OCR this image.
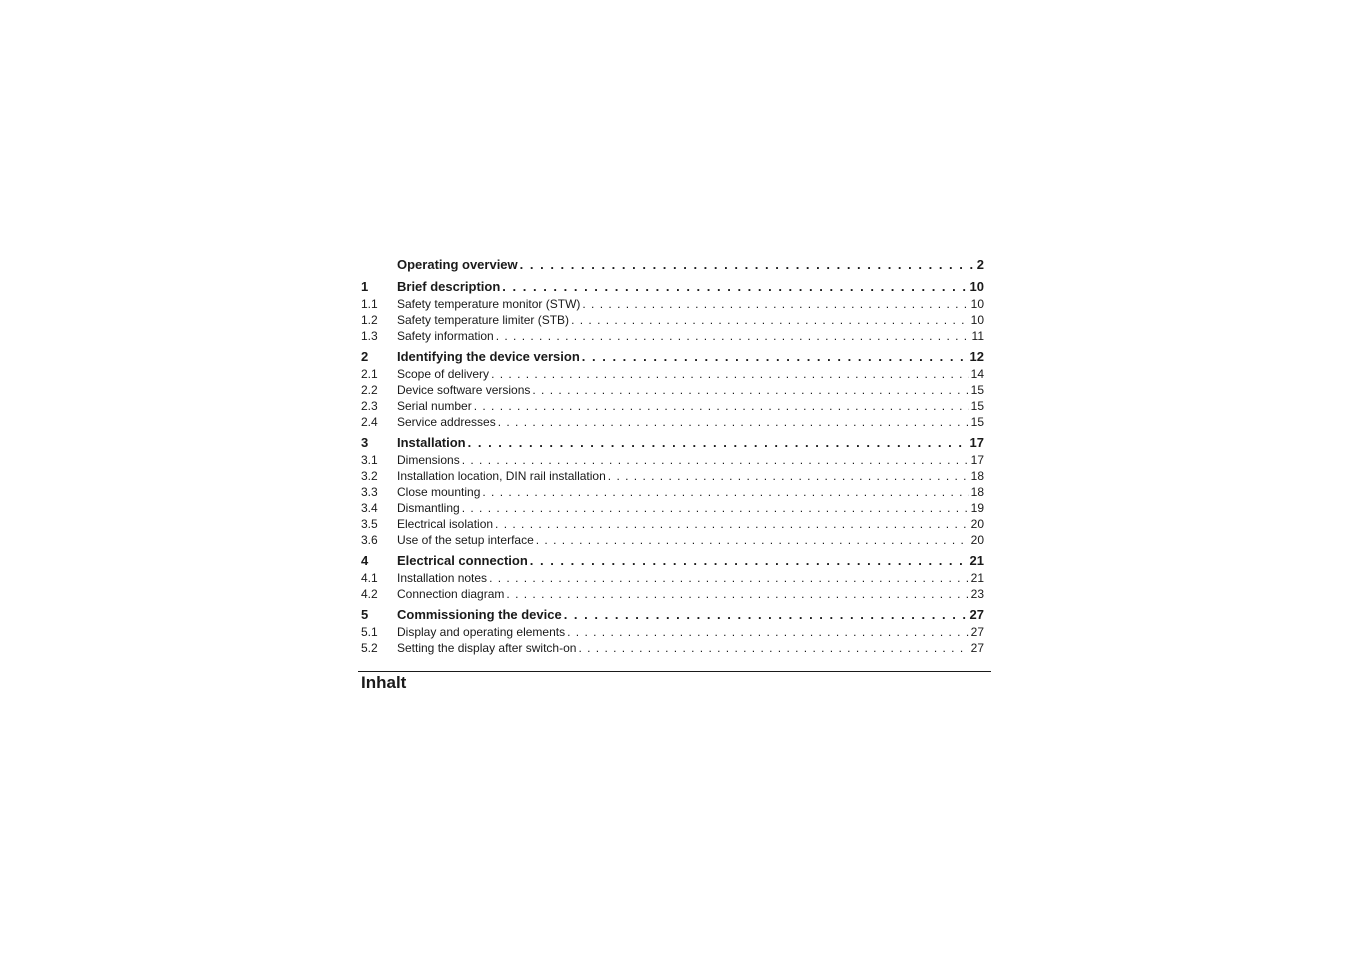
Operating overview . . .	2
1	Brief description . . .	10
1.1	Safety temperature monitor (STW) . . .	10
1.2	Safety temperature limiter (STB) . . .	10
1.3	Safety information . . .	11
2	Identifying the device version . . .	12
2.1	Scope of delivery . . .	14
2.2	Device software versions . . .	15
2.3	Serial number . . .	15
2.4	Service addresses . . .	15
3	Installation . . .	17
3.1	Dimensions . . .	17
3.2	Installation location, DIN rail installation . . .	18
3.3	Close mounting . . .	18
3.4	Dismantling . . .	19
3.5	Electrical isolation . . .	20
3.6	Use of the setup interface . . .	20
4	Electrical connection . . .	21
4.1	Installation notes . . .	21
4.2	Connection diagram . . .	23
5	Commissioning the device . . .	27
5.1	Display and operating elements . . .	27
5.2	Setting the display after switch-on . . .	27
Inhalt
